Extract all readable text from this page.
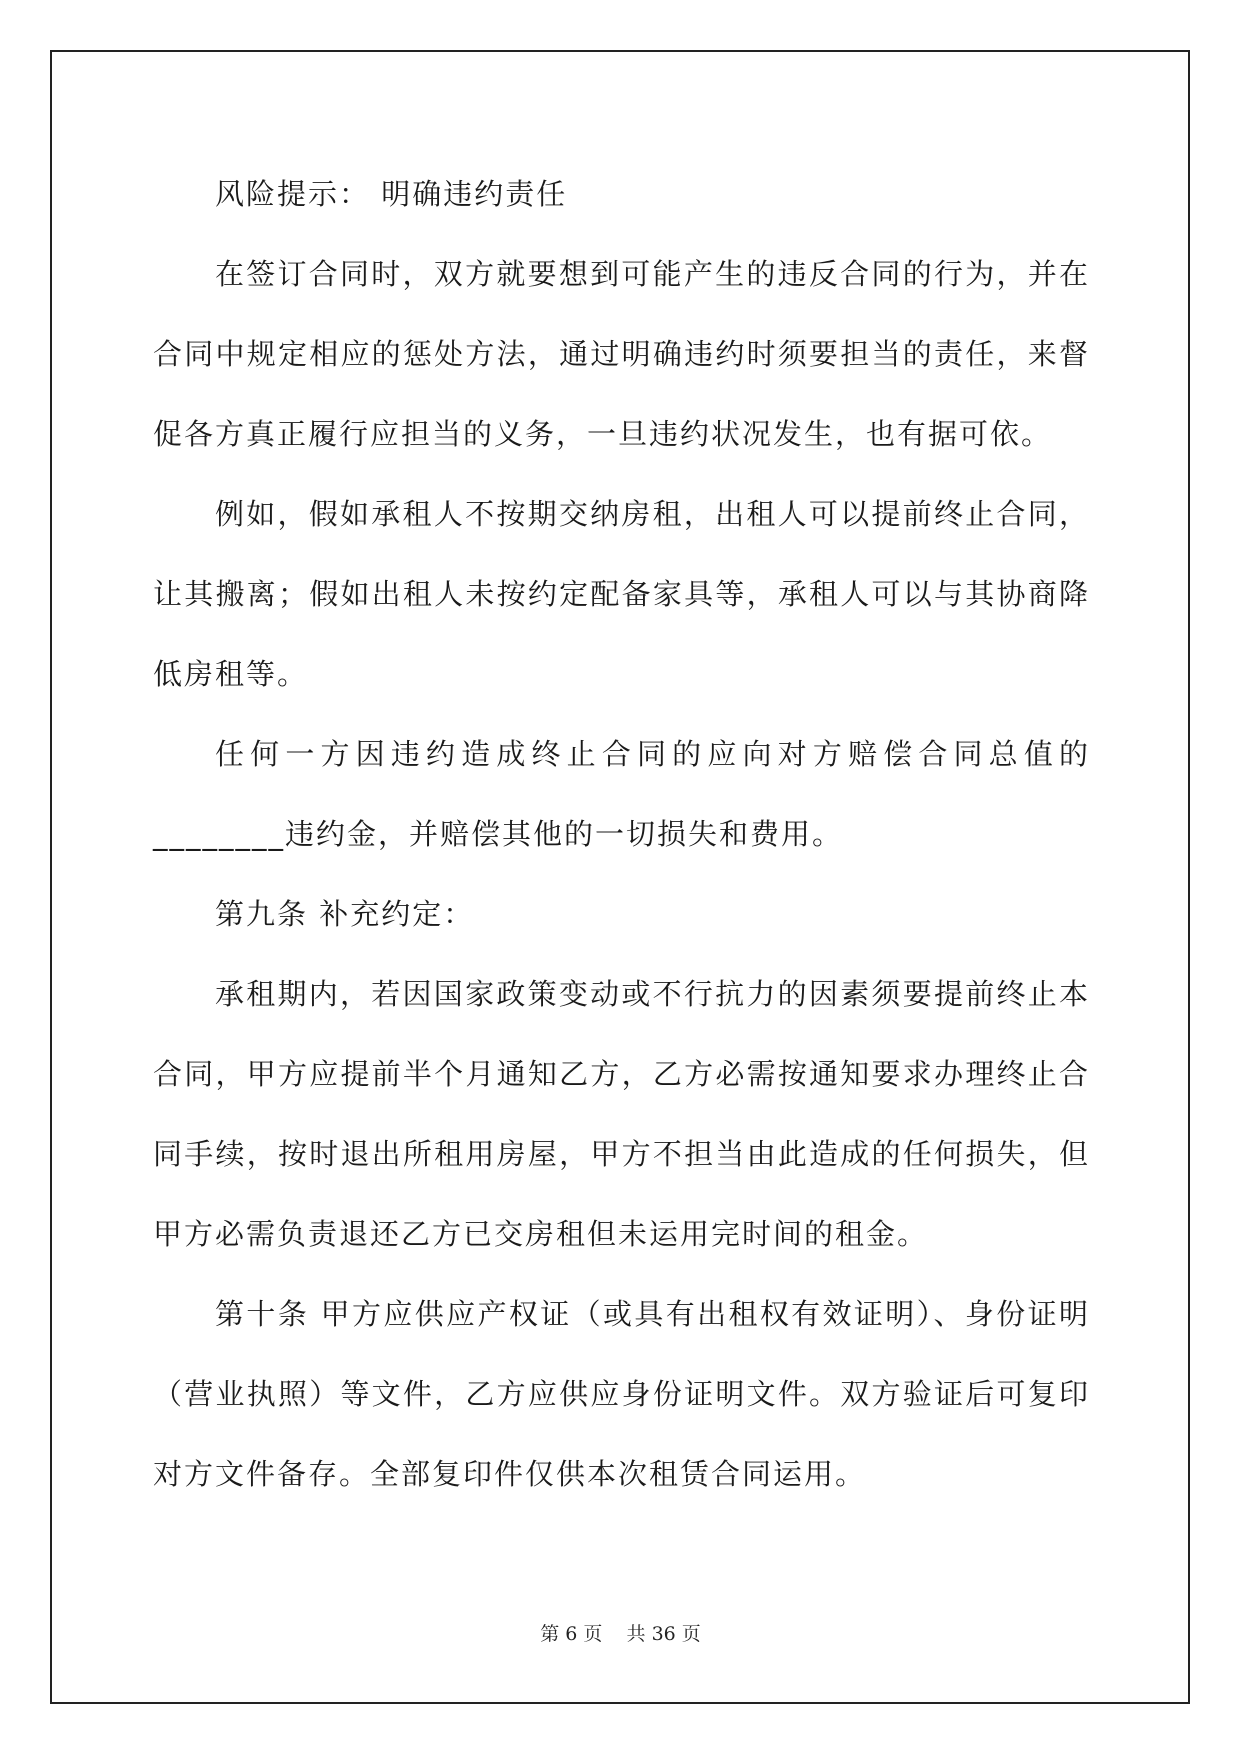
风险提示： 明确违约责任
在签订合同时，双方就要想到可能产生的违反合同的行为，并在
合同中规定相应的惩处方法，通过明确违约时须要担当的责任，来督
促各方真正履行应担当的义务，一旦违约状况发生，也有据可依。
例如，假如承租人不按期交纳房租，出租人可以提前终止合同，
让其搬离；假如出租人未按约定配备家具等，承租人可以与其协商降
低房租等。
任何一方因违约造成终止合同的应向对方赔偿合同总值的
________违约金，并赔偿其他的一切损失和费用。
第九条 补充约定：
承租期内，若因国家政策变动或不行抗力的因素须要提前终止本
合同，甲方应提前半个月通知乙方，乙方必需按通知要求办理终止合
同手续，按时退出所租用房屋，甲方不担当由此造成的任何损失，但
甲方必需负责退还乙方已交房租但未运用完时间的租金。
第十条 甲方应供应产权证（或具有出租权有效证明）、身份证明
（营业执照）等文件，乙方应供应身份证明文件。双方验证后可复印
对方文件备存。全部复印件仅供本次租赁合同运用。
第 6 页    共 36 页
